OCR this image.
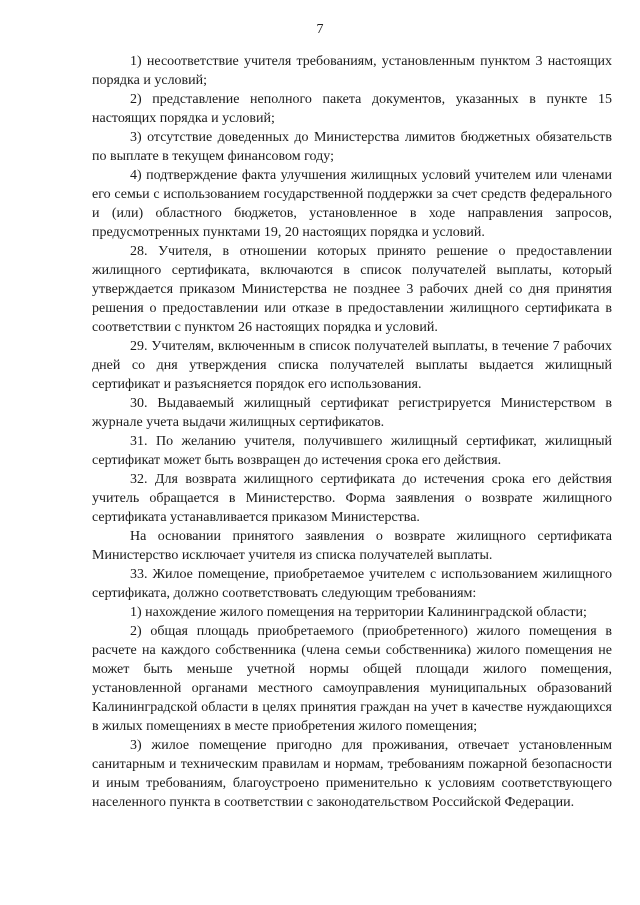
7

1) несоответствие учителя требованиям, установленным пунктом 3 настоящих порядка и условий;

2) представление неполного пакета документов, указанных в пункте 15 настоящих порядка и условий;

3) отсутствие доведенных до Министерства лимитов бюджетных обязательств по выплате в текущем финансовом году;

4) подтверждение факта улучшения жилищных условий учителем или членами его семьи с использованием государственной поддержки за счет средств федерального и (или) областного бюджетов, установленное в ходе направления запросов, предусмотренных пунктами 19, 20 настоящих порядка и условий.

28. Учителя, в отношении которых принято решение о предоставлении жилищного сертификата, включаются в список получателей выплаты, который утверждается приказом Министерства не позднее 3 рабочих дней со дня принятия решения о предоставлении или отказе в предоставлении жилищного сертификата в соответствии с пунктом 26 настоящих порядка и условий.

29. Учителям, включенным в список получателей выплаты, в течение 7 рабочих дней со дня утверждения списка получателей выплаты выдается жилищный сертификат и разъясняется порядок его использования.

30. Выдаваемый жилищный сертификат регистрируется Министерством в журнале учета выдачи жилищных сертификатов.

31. По желанию учителя, получившего жилищный сертификат, жилищный сертификат может быть возвращен до истечения срока его действия.

32. Для возврата жилищного сертификата до истечения срока его действия учитель обращается в Министерство. Форма заявления о возврате жилищного сертификата устанавливается приказом Министерства.

На основании принятого заявления о возврате жилищного сертификата Министерство исключает учителя из списка получателей выплаты.

33. Жилое помещение, приобретаемое учителем с использованием жилищного сертификата, должно соответствовать следующим требованиям:

1) нахождение жилого помещения на территории Калининградской области;

2) общая площадь приобретаемого (приобретенного) жилого помещения в расчете на каждого собственника (члена семьи собственника) жилого помещения не может быть меньше учетной нормы общей площади жилого помещения, установленной органами местного самоуправления муниципальных образований Калининградской области в целях принятия граждан на учет в качестве нуждающихся в жилых помещениях в месте приобретения жилого помещения;

3) жилое помещение пригодно для проживания, отвечает установленным санитарным и техническим правилам и нормам, требованиям пожарной безопасности и иным требованиям, благоустроено применительно к условиям соответствующего населенного пункта в соответствии с законодательством Российской Федерации.
